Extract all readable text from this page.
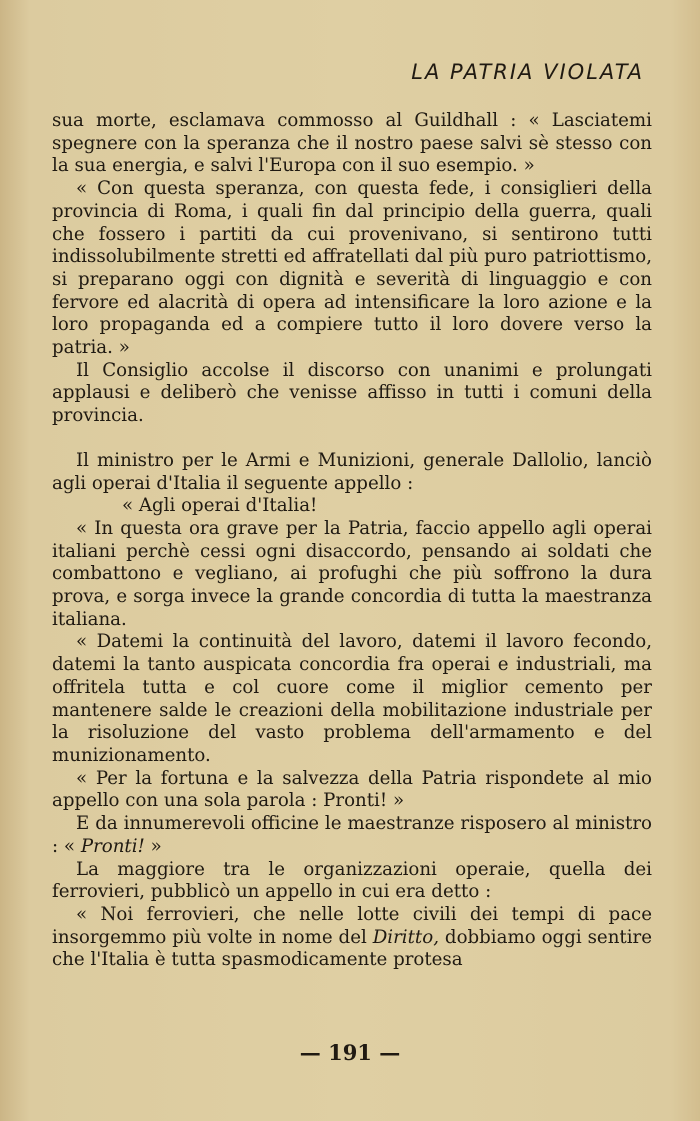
LA PATRIA VIOLATA

sua morte, esclamava commosso al Guildhall : « Lasciatemi spegnere con la speranza che il nostro paese salvi sè stesso con la sua energia, e salvi l'Europa con il suo esempio. »

« Con questa speranza, con questa fede, i consiglieri della provincia di Roma, i quali fin dal principio della guerra, quali che fossero i partiti da cui provenivano, si sentirono tutti indissolubilmente stretti ed affratellati dal più puro patriottismo, si preparano oggi con dignità e severità di linguaggio e con fervore ed alacrità di opera ad intensificare la loro azione e la loro propaganda ed a compiere tutto il loro dovere verso la patria. »

Il Consiglio accolse il discorso con unanimi e prolungati applausi e deliberò che venisse affisso in tutti i comuni della provincia.

Il ministro per le Armi e Munizioni, generale Dallolio, lanciò agli operai d'Italia il seguente appello :

« Agli operai d'Italia!

« In questa ora grave per la Patria, faccio appello agli operai italiani perchè cessi ogni disaccordo, pensando ai soldati che combattono e vegliano, ai profughi che più soffrono la dura prova, e sorga invece la grande concordia di tutta la maestranza italiana.

« Datemi la continuità del lavoro, datemi il lavoro fecondo, datemi la tanto auspicata concordia fra operai e industriali, ma offritela tutta e col cuore come il miglior cemento per mantenere salde le creazioni della mobilitazione industriale per la risoluzione del vasto problema dell'armamento e del munizionamento.

« Per la fortuna e la salvezza della Patria rispondete al mio appello con una sola parola : Pronti! »

E da innumerevoli officine le maestranze risposero al ministro : « Pronti! »

La maggiore tra le organizzazioni operaie, quella dei ferrovieri, pubblicò un appello in cui era detto :

« Noi ferrovieri, che nelle lotte civili dei tempi di pace insorgemmo più volte in nome del Diritto, dobbiamo oggi sentire che l'Italia è tutta spasmodicamente protesa

— 191 —
